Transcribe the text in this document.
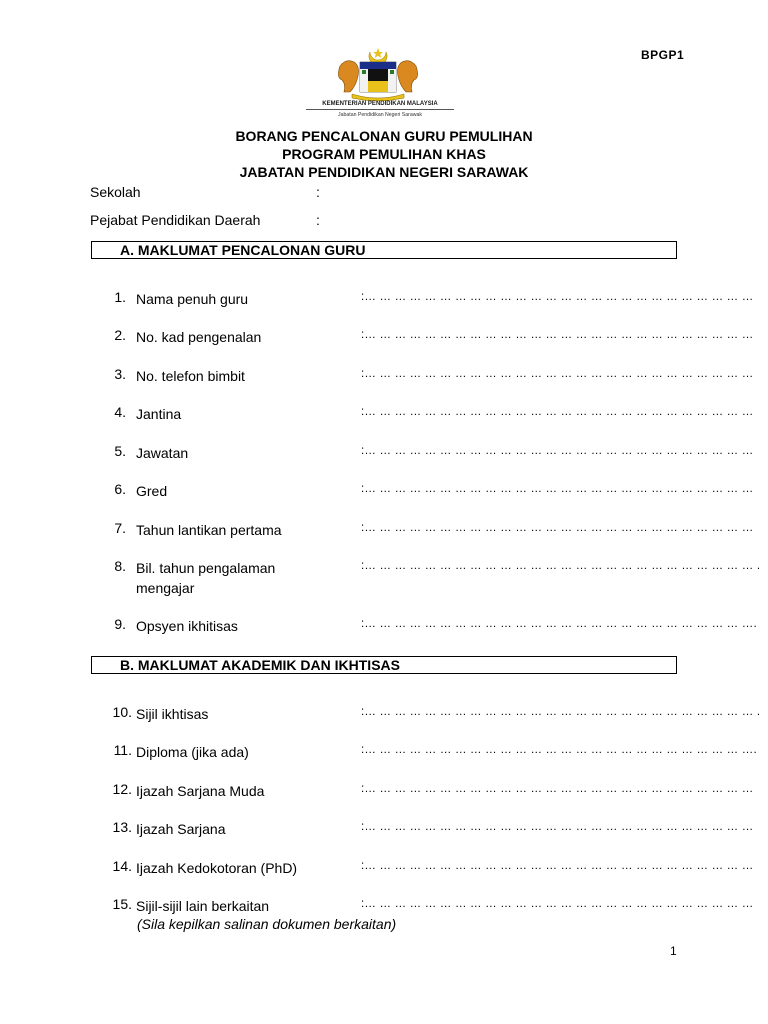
BPGP1
KEMENTERIAN PENDIDIKAN MALAYSIA
Jabatan Pendidikan Negeri Sarawak
BORANG PENCALONAN GURU PEMULIHAN
PROGRAM PEMULIHAN KHAS
JABATAN PENDIDIKAN NEGERI SARAWAK
Sekolah	:
Pejabat Pendidikan Daerah	:
A. MAKLUMAT PENCALONAN GURU
1. Nama penuh guru	:… … … … … … … … … … … … … … … … … … … … … … … … … …
2. No. kad pengenalan	:… … … … … … … … … … … … … … … … … … … … … … … … … …
3. No. telefon bimbit	:… … … … … … … … … … … … … … … … … … … … … … … … … …
4. Jantina	:… … … … … … … … … … … … … … … … … … … … … … … … … …
5. Jawatan	:… … … … … … … … … … … … … … … … … … … … … … … … … …
6. Gred	:… … … … … … … … … … … … … … … … … … … … … … … … … …
7. Tahun lantikan pertama	:… … … … … … … … … … … … … … … … … … … … … … … … … …
8. Bil. tahun pengalaman
mengajar
:… … … … … … … … … … … … … … … … … … … … … … … … … … .
9. Opsyen ikhitisas	:… … … … … … … … … … … … … … … … … … … … … … … … … ….
B. MAKLUMAT AKADEMIK DAN IKHTISAS
10. Sijil ikhtisas	:… … … … … … … … … … … … … … … … … … … … … … … … … … .
11. Diploma (jika ada)	:… … … … … … … … … … … … … … … … … … … … … … … … … ….
12. Ijazah Sarjana Muda	:… … … … … … … … … … … … … … … … … … … … … … … … … …
13. Ijazah Sarjana	:… … … … … … … … … … … … … … … … … … … … … … … … … …
14. Ijazah Kedokotoran (PhD)	:… … … … … … … … … … … … … … … … … … … … … … … … … …
15. Sijil-sijil lain berkaitan	:… … … … … … … … … … … … … … … … … … … … … … … … … …
(Sila kepilkan salinan dokumen berkaitan)
1
